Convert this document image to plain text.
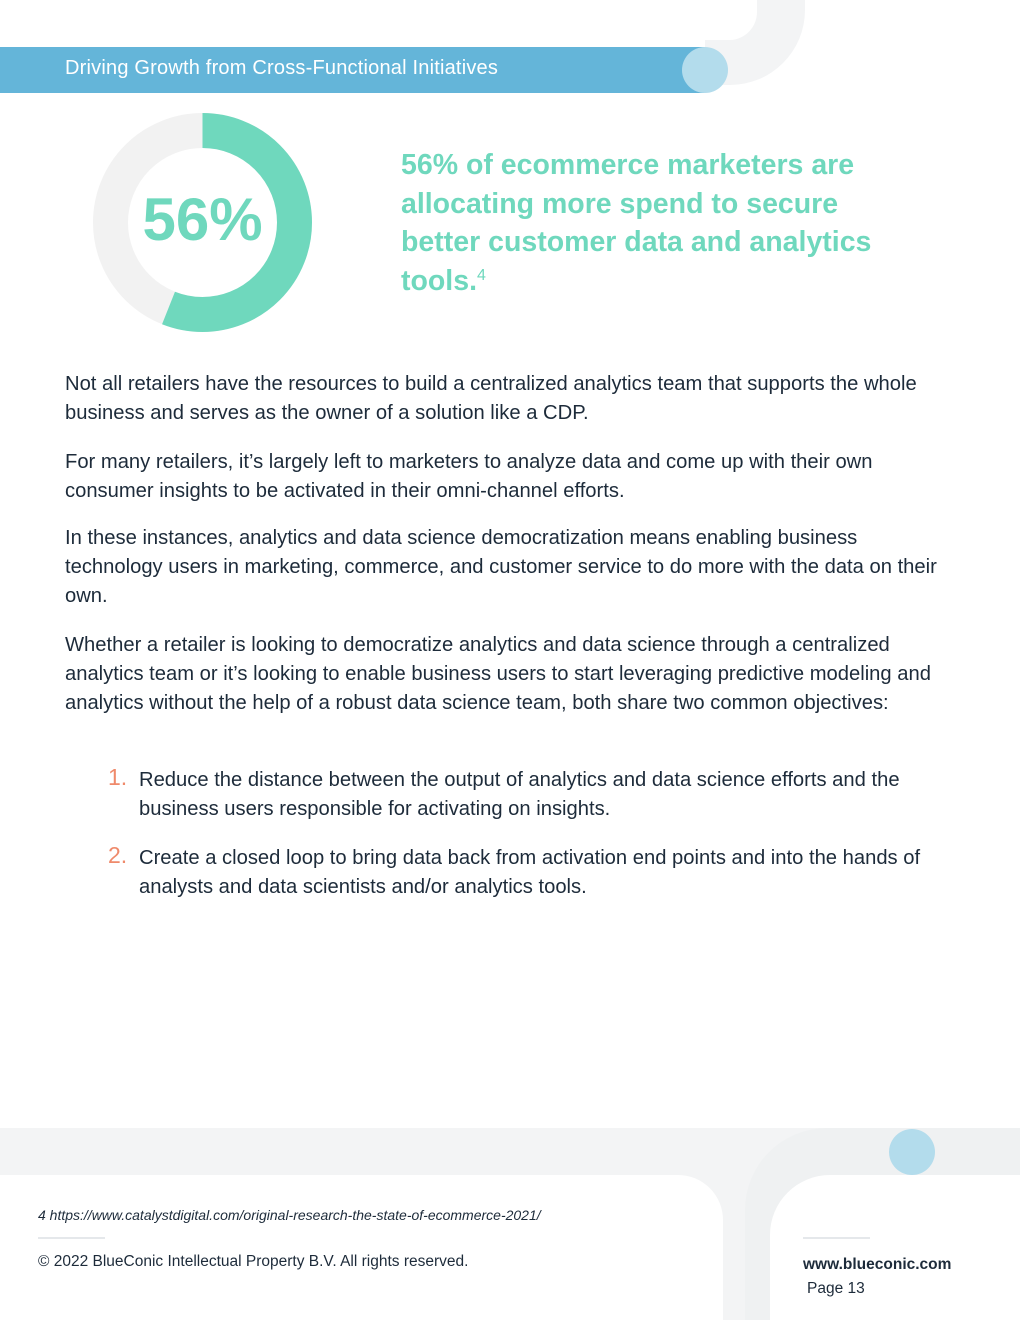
Driving Growth from Cross-Functional Initiatives
56%
56% of ecommerce marketers are allocating more spend to secure better customer data and analytics tools.$^4$

Not all retailers have the resources to build a centralized analytics team that supports the whole business and serves as the owner of a solution like a CDP.

For many retailers, it’s largely left to marketers to analyze data and come up with their own consumer insights to be activated in their omni-channel efforts.

In these instances, analytics and data science democratization means enabling business technology users in marketing, commerce, and customer service to do more with the data on their own.

Whether a retailer is looking to democratize analytics and data science through a centralized analytics team or it’s looking to enable business users to start leveraging predictive modeling and analytics without the help of a robust data science team, both share two common objectives:

1. Reduce the distance between the output of analytics and data science efforts and the business users responsible for activating on insights.
2. Create a closed loop to bring data back from activation end points and into the hands of analysts and data scientists and/or analytics tools.
4 https://www.catalystdigital.com/original-research-the-state-of-ecommerce-2021/
© 2022 BlueConic Intellectual Property B.V. All rights reserved.	www.blueconic.com
Page 13
